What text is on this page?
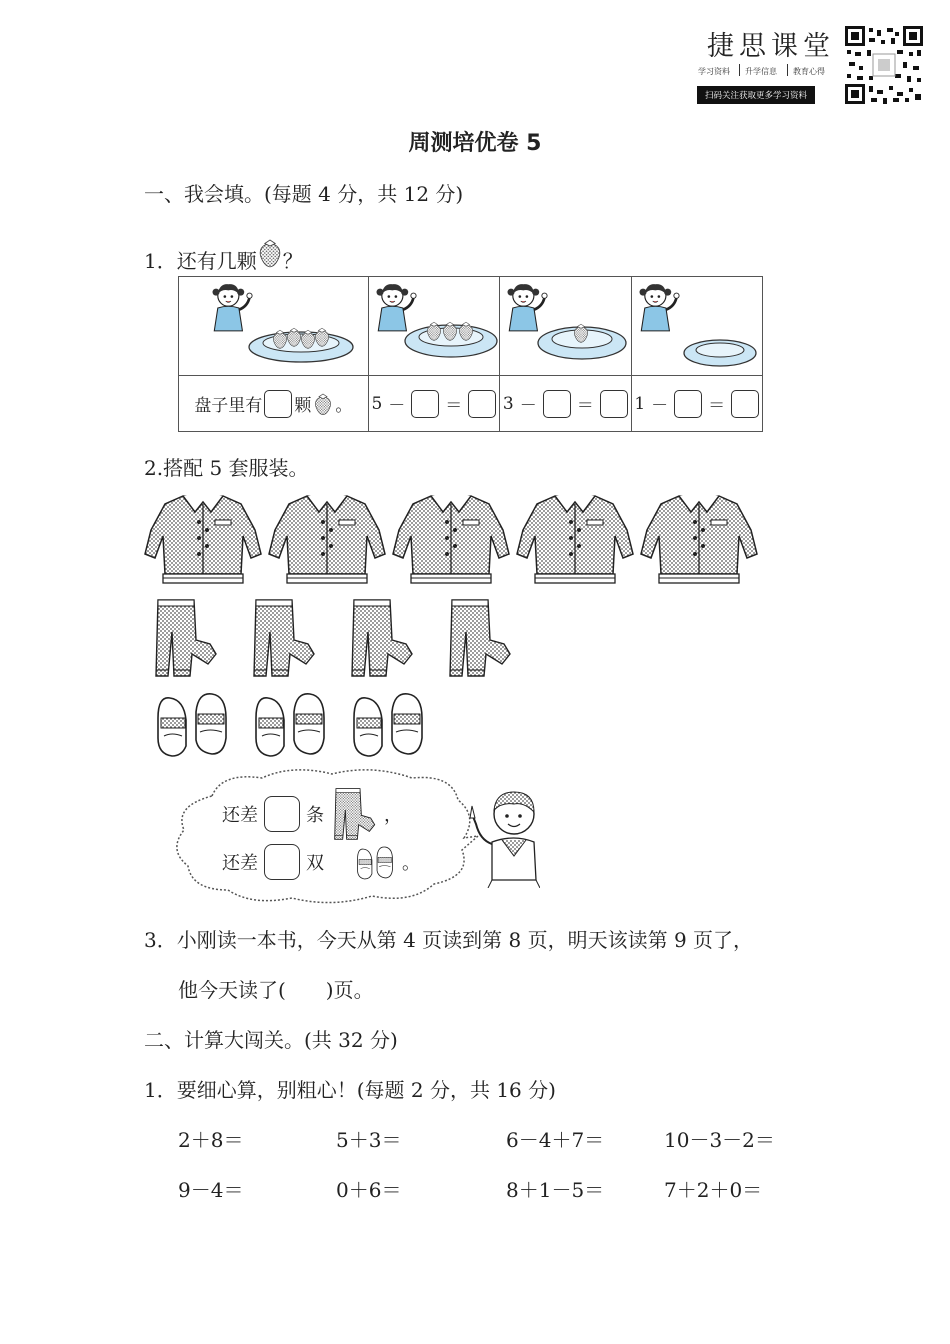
捷思课堂
学习资料 升学信息 教育心得
扫码关注获取更多学习资料
周测培优卷 5
一、我会填。(每题 4 分，共 12 分)
1．还有几颗 ？

盘子里有 颗 。	5 － ＝	3 － ＝	1 － ＝
2.搭配 5 套服装。
还差	条	，
还差	双	。
3．小刚读一本书，今天从第 4 页读到第 8 页，明天该读第 9 页了，
他今天读了(　　)页。
二、计算大闯关。(共 32 分)
1．要细心算，别粗心！(每题 2 分，共 16 分)
2＋8＝	5＋3＝	6－4＋7＝	10－3－2＝
9－4＝	0＋6＝	8＋1－5＝	7＋2＋0＝
